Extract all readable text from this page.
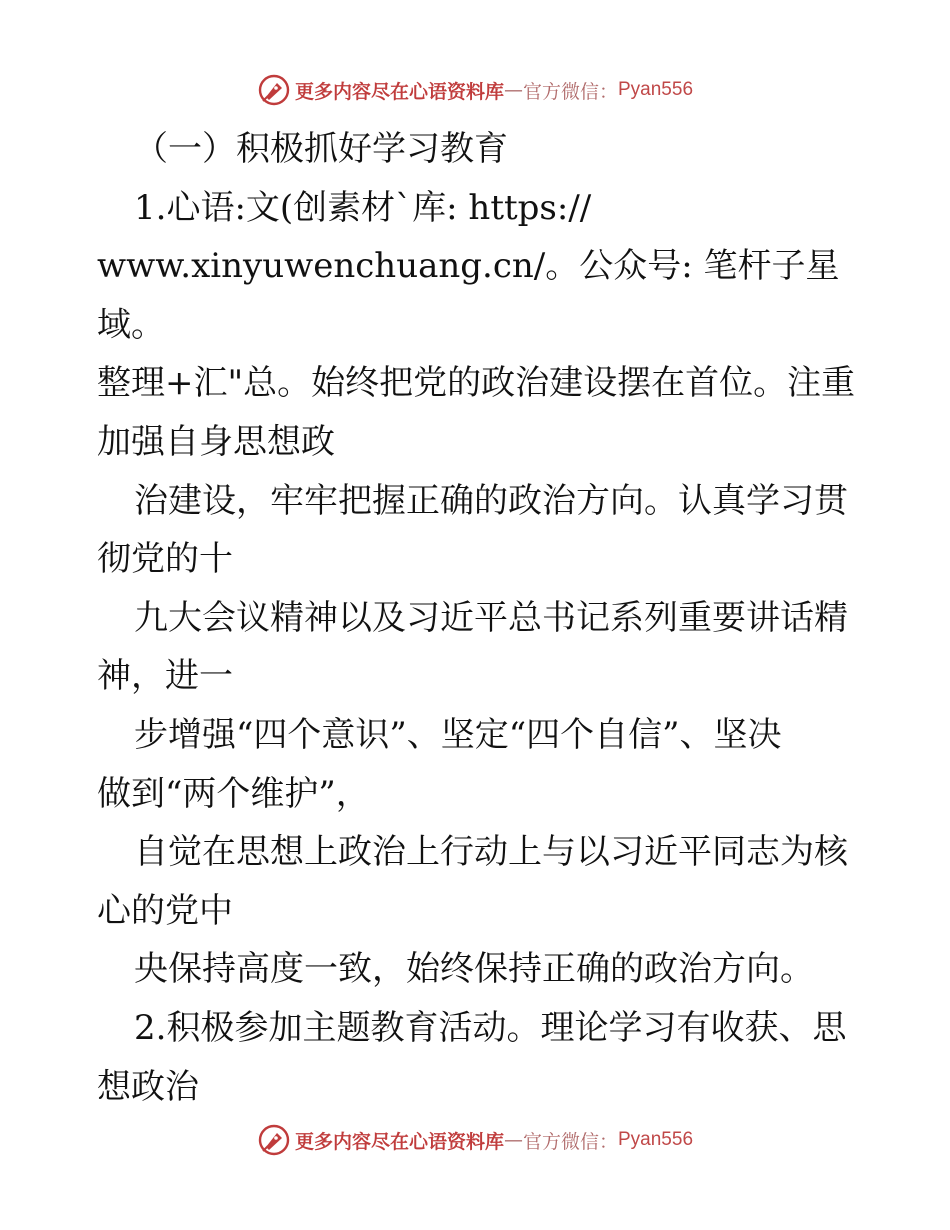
更多内容尽在心语资料库 — 官方微信： Pyan556

（一）积极抓好学习教育

1.心语:文(创素材`库: https://

www.xinyuwenchuang.cn/。公众号: 笔杆子星域。

整理+汇"总。始终把党的政治建设摆在首位。注重

加强自身思想政

治建设，牢牢把握正确的政治方向。认真学习贯

彻党的十

九大会议精神以及习近平总书记系列重要讲话精

神，进一

步增强“四个意识”、坚定“四个自信”、坚决

做到“两个维护”，

自觉在思想上政治上行动上与以习近平同志为核

心的党中

央保持高度一致，始终保持正确的政治方向。

2.积极参加主题教育活动。理论学习有收获、思

想政治

更多内容尽在心语资料库 — 官方微信： Pyan556
